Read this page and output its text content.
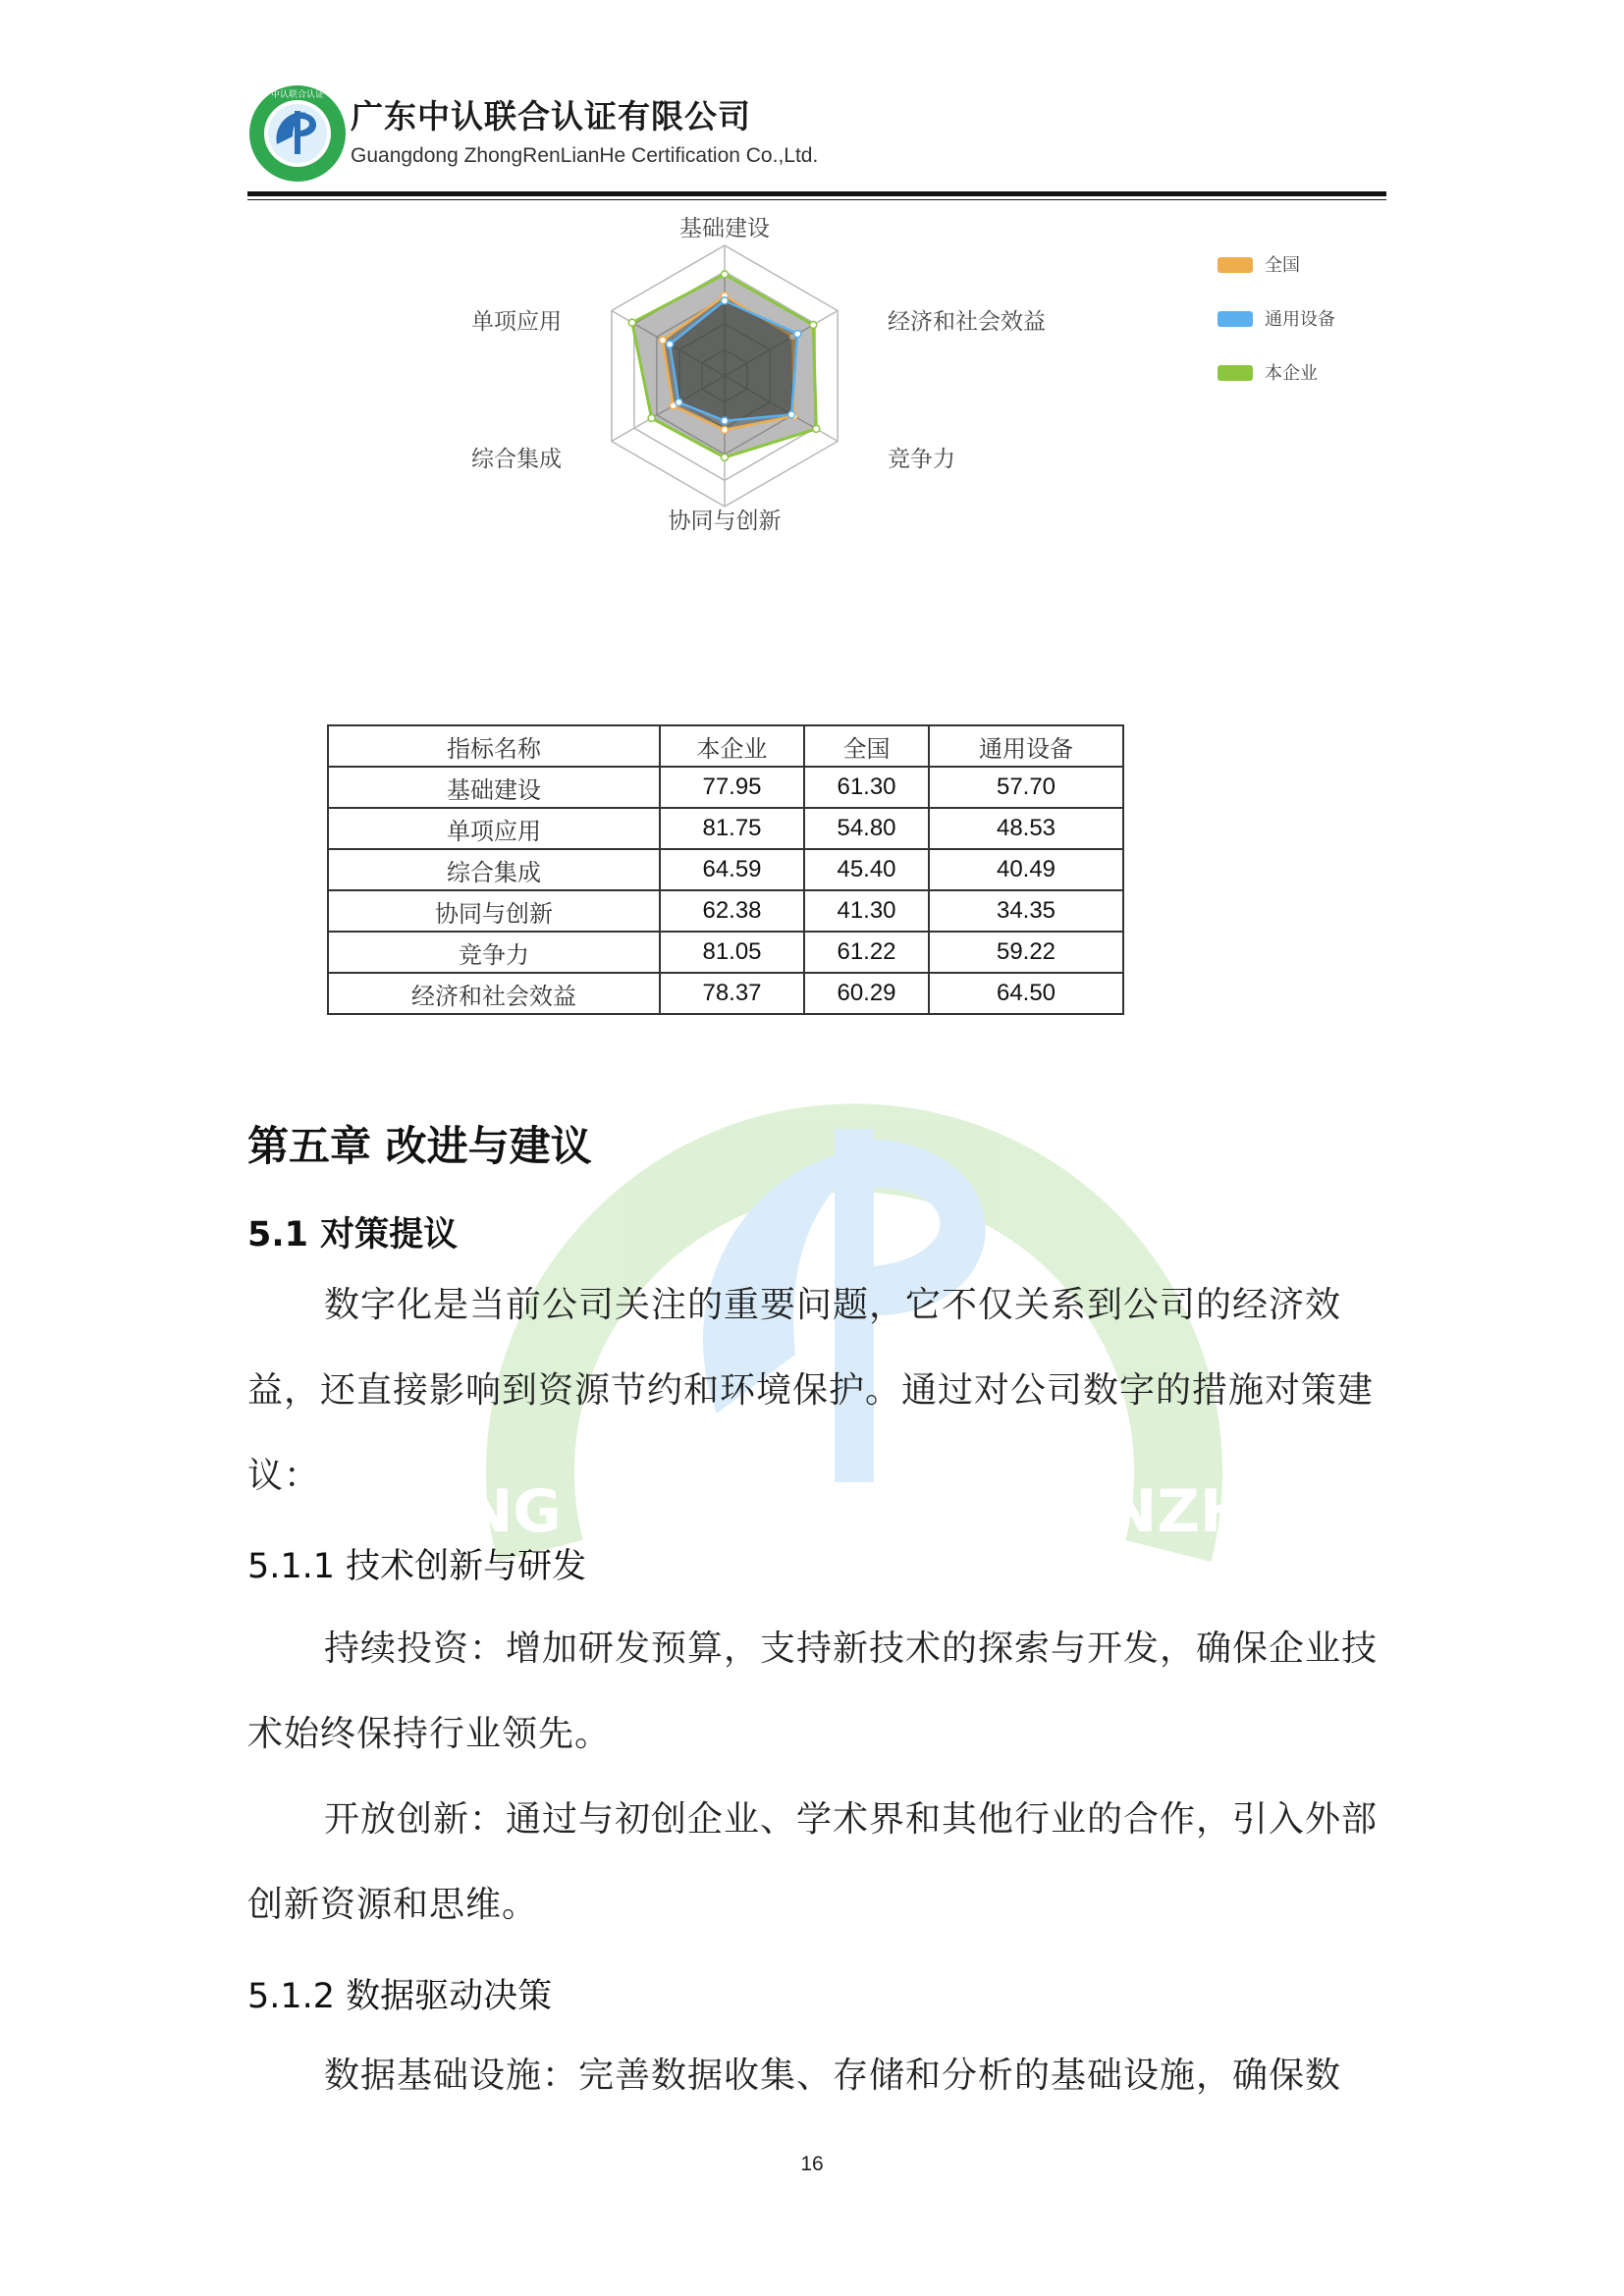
中认联合认证
广东中认联合认证有限公司
Guangdong ZhongRenLianHe Certification Co.,Ltd.
ZHONG REN LIAN HE RENZHENG
基础建设
经济和社会效益
竞争力
协同与创新
综合集成
单项应用
全国
通用设备
本企业
指标名称	本企业	全国	通用设备
基础建设	77.95	61.30	57.70
单项应用	81.75	54.80	48.53
综合集成	64.59	45.40	40.49
协同与创新	62.38	41.30	34.35
竞争力	81.05	61.22	59.22
经济和社会效益	78.37	60.29	64.50
第五章 改进与建议
5.1 对策提议

数字化是当前公司关注的重要问题，它不仅关系到公司的经济效益，还直接影响到资源节约和环境保护。通过对公司数字的措施对策建议：

5.1.1 技术创新与研发

持续投资：增加研发预算，支持新技术的探索与开发，确保企业技术始终保持行业领先。

开放创新：通过与初创企业、学术界和其他行业的合作，引入外部创新资源和思维。

5.1.2 数据驱动决策

数据基础设施：完善数据收集、存储和分析的基础设施，确保数

16
